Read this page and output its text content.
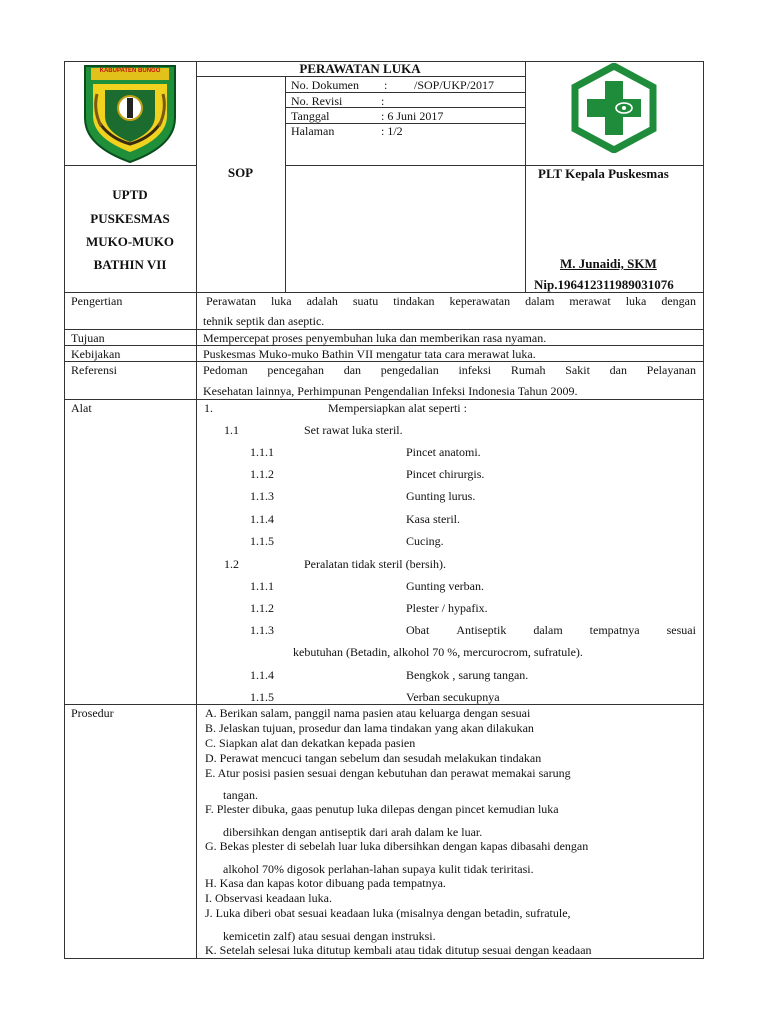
KABUPATEN BUNGO	PERAWATAN LUKA
SOP
No. Dokumen : /SOP/UKP/2017
No. Revisi	:
Tanggal	: 6 Juni 2017
Halaman	: 1/2
UPTD
PUSKESMAS
MUKO-MUKO
BATHIN VII
PLT Kepala Puskesmas
M. Junaidi, SKM
Nip.196412311989031076
Pengertian	Perawatan luka adalah suatu tindakan keperawatan dalam merawat luka dengan
tehnik septik dan aseptic.
Tujuan	Mempercepat proses penyembuhan luka dan memberikan rasa nyaman.
Kebijakan	Puskesmas Muko-muko Bathin VII mengatur tata cara merawat luka.
Referensi	Pedoman pencegahan dan pengedalian infeksi Rumah Sakit dan Pelayanan
Kesehatan lainnya, Perhimpunan Pengendalian Infeksi Indonesia Tahun 2009.
Alat	1.	Mempersiapkan alat seperti :
1.1	Set rawat luka steril.
1.1.1	Pincet anatomi.
1.1.2	Pincet chirurgis.
1.1.3	Gunting lurus.
1.1.4	Kasa steril.
1.1.5	Cucing.
1.2	Peralatan tidak steril (bersih).
1.1.1	Gunting verban.
1.1.2	Plester / hypafix.
1.1.3	Obat Antiseptik dalam tempatnya sesuai
kebutuhan (Betadin, alkohol 70 %, mercurocrom, sufratule).
1.1.4	Bengkok , sarung tangan.
1.1.5	Verban secukupnya
Prosedur	A. Berikan salam, panggil nama pasien atau keluarga dengan sesuai
B. Jelaskan tujuan, prosedur dan lama tindakan yang akan dilakukan
C. Siapkan alat dan dekatkan kepada pasien
D. Perawat mencuci tangan sebelum dan sesudah melakukan tindakan
E. Atur posisi pasien sesuai dengan kebutuhan dan perawat memakai sarung
tangan.
F. Plester dibuka, gaas penutup luka dilepas dengan pincet kemudian luka
dibersihkan dengan antiseptik dari arah dalam ke luar.
G. Bekas plester di sebelah luar luka dibersihkan dengan kapas dibasahi dengan
alkohol 70% digosok perlahan-lahan supaya kulit tidak teriritasi.
H. Kasa dan kapas kotor dibuang pada tempatnya.
I. Observasi keadaan luka.
J. Luka diberi obat sesuai keadaan luka (misalnya dengan betadin, sufratule,
kemicetin zalf) atau sesuai dengan instruksi.
K. Setelah selesai luka ditutup kembali atau tidak ditutup sesuai dengan keadaan
